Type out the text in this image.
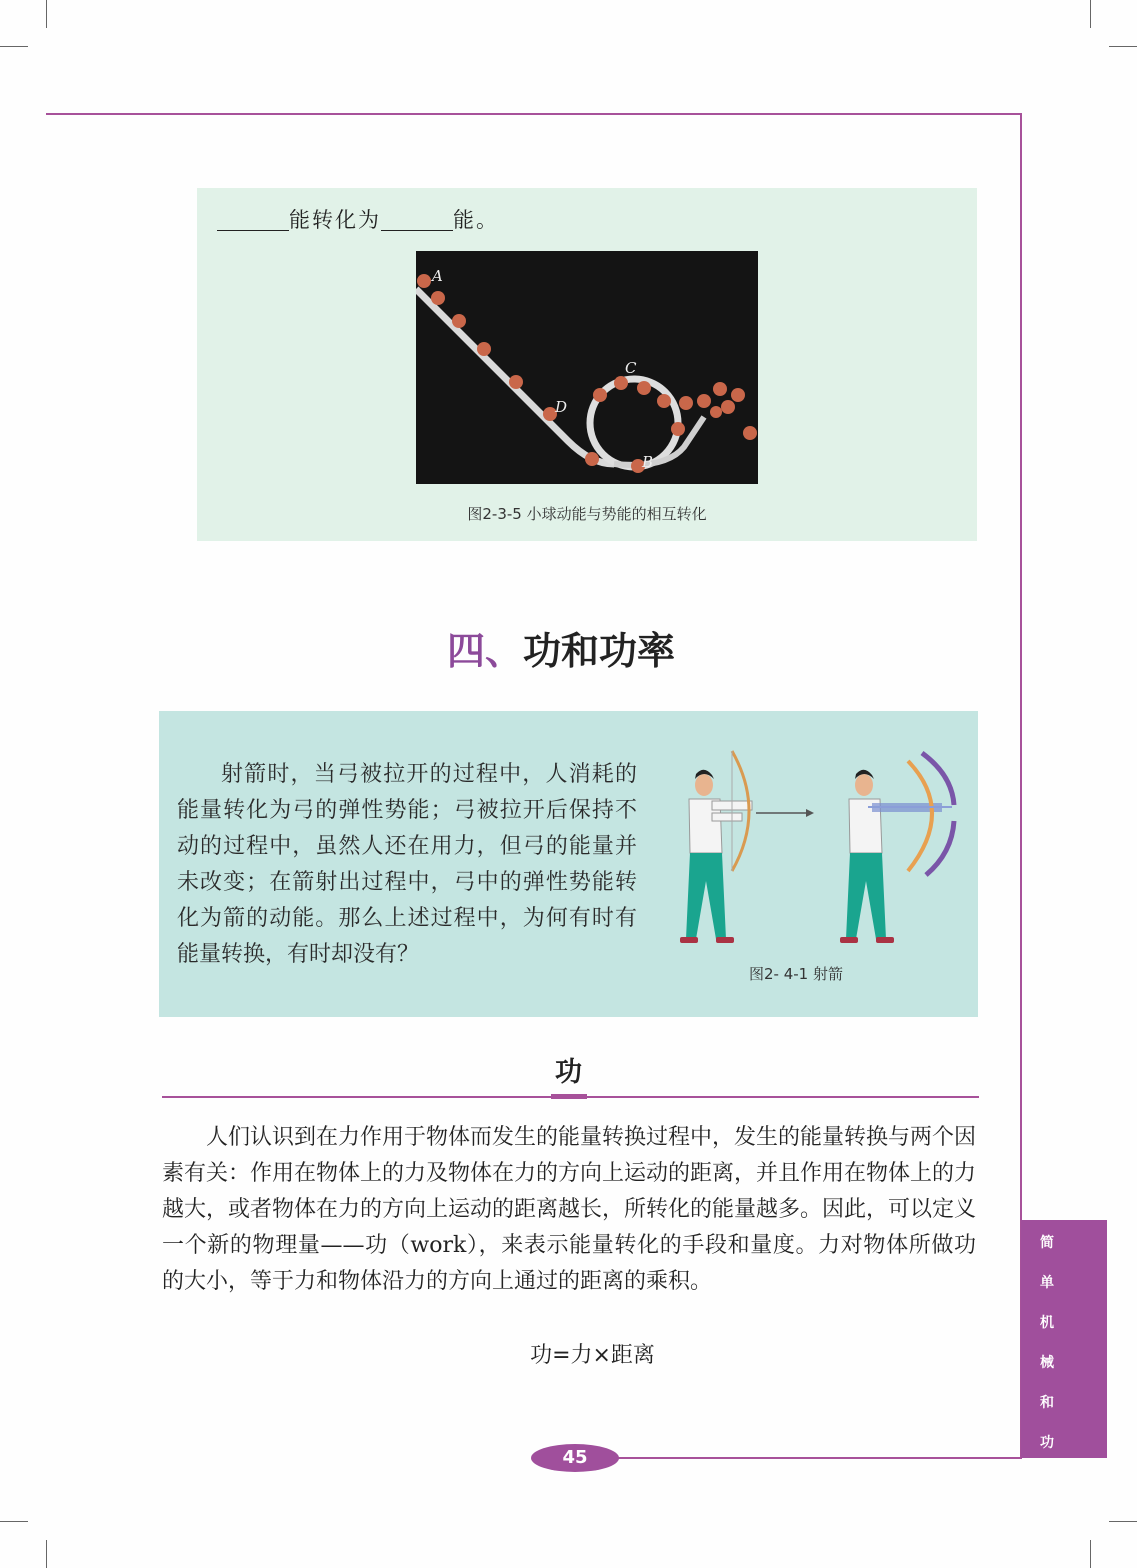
能转化为	能。
A
C
D
B
图2-3-5 小球动能与势能的相互转化
四、功和功率

射箭时，当弓被拉开的过程中，人消耗的能量转化为弓的弹性势能；弓被拉开后保持不动的过程中，虽然人还在用力，但弓的能量并未改变；在箭射出过程中，弓中的弹性势能转化为箭的动能。那么上述过程中，为何有时有能量转换，有时却没有？

图2- 4-1 射箭
功

人们认识到在力作用于物体而发生的能量转换过程中，发生的能量转换与两个因素有关：作用在物体上的力及物体在力的方向上运动的距离，并且作用在物体上的力越大，或者物体在力的方向上运动的距离越长，所转化的能量越多。因此，可以定义一个新的物理量——功（work），来表示能量转化的手段和量度。力对物体所做功的大小，等于力和物体沿力的方向上通过的距离的乘积。

功=力×距离
45
简
单
机
械
和
功
